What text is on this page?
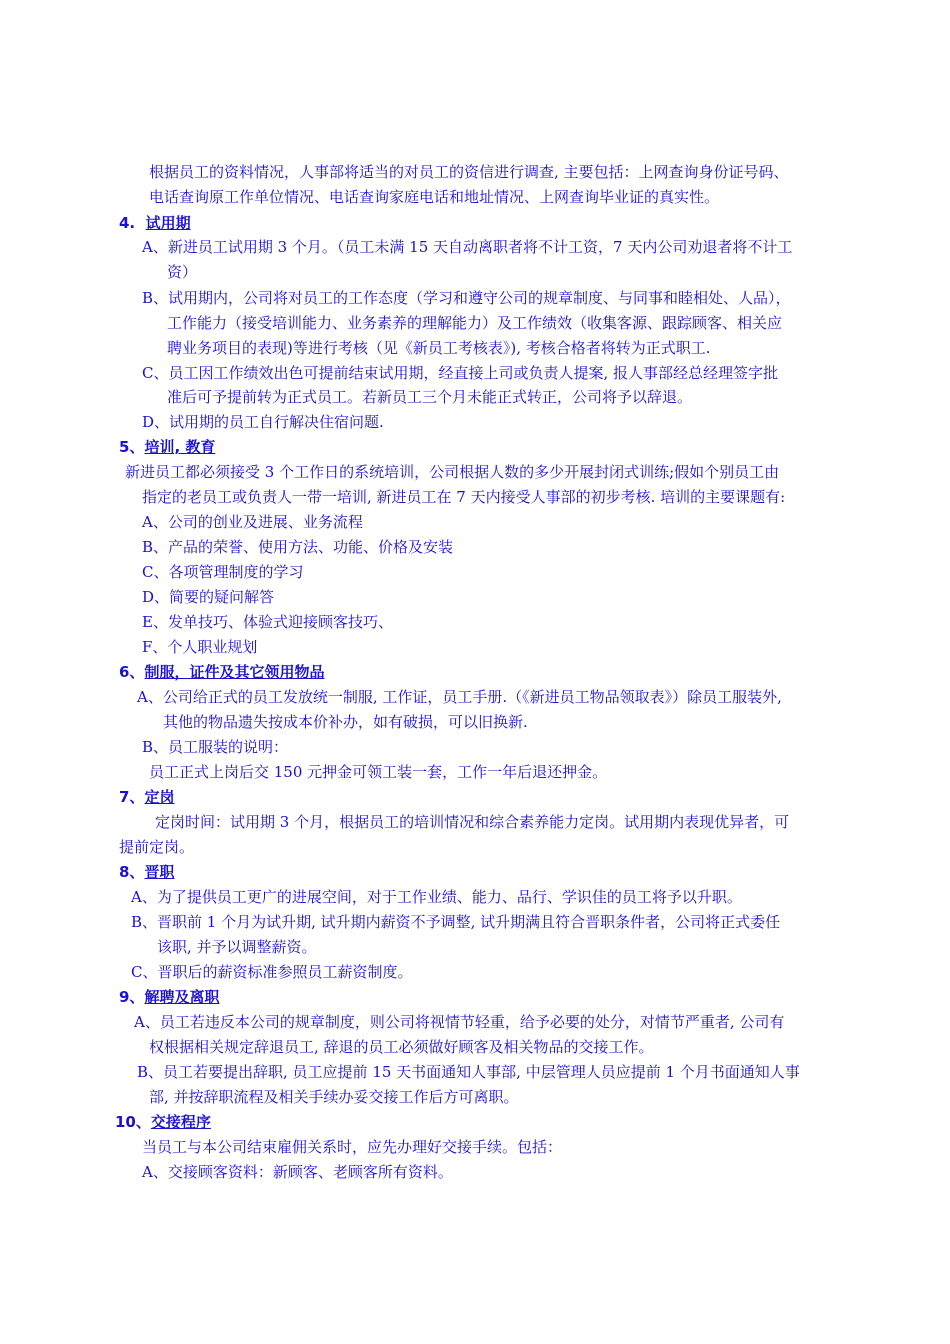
根据员工的资料情况，人事部将适当的对员工的资信进行调查, 主要包括：上网查询身份证号码、
电话查询原工作单位情况、电话查询家庭电话和地址情况、上网查询毕业证的真实性。
4. 试用期
A、新进员工试用期 3 个月。（员工未满 15 天自动离职者将不计工资，7 天内公司劝退者将不计工
资）
B、试用期内，公司将对员工的工作态度（学习和遵守公司的规章制度、与同事和睦相处、人品），
工作能力（接受培训能力、业务素养的理解能力）及工作绩效（收集客源、跟踪顾客、相关应
聘业务项目的表现)等进行考核（见《新员工考核表》), 考核合格者将转为正式职工.
C、员工因工作绩效出色可提前结束试用期，经直接上司或负责人提案, 报人事部经总经理签字批
准后可予提前转为正式员工。若新员工三个月未能正式转正，公司将予以辞退。
D、试用期的员工自行解决住宿问题.
5、培训, 教育
新进员工都必须接受 3 个工作日的系统培训，公司根据人数的多少开展封闭式训练;假如个别员工由
指定的老员工或负责人一带一培训, 新进员工在 7 天内接受人事部的初步考核. 培训的主要课题有:
A、公司的创业及进展、业务流程
B、产品的荣誉、使用方法、功能、价格及安装
C、各项管理制度的学习
D、简要的疑问解答
E、发单技巧、体验式迎接顾客技巧、
F、个人职业规划
6、制服，证件及其它领用物品
A、公司给正式的员工发放统一制服, 工作证，员工手册.（《新进员工物品领取表》）除员工服装外,
其他的物品遗失按成本价补办，如有破损，可以旧换新.
B、员工服装的说明：
员工正式上岗后交 150 元押金可领工装一套，工作一年后退还押金。
7、定岗
定岗时间：试用期 3 个月，根据员工的培训情况和综合素养能力定岗。试用期内表现优异者，可
提前定岗。
8、晋职
A、为了提供员工更广的进展空间，对于工作业绩、能力、品行、学识佳的员工将予以升职。
B、晋职前 1 个月为试升期, 试升期内薪资不予调整, 试升期满且符合晋职条件者，公司将正式委任
该职, 并予以调整薪资。
C、晋职后的薪资标准参照员工薪资制度。
9、解聘及离职
A、员工若违反本公司的规章制度，则公司将视情节轻重，给予必要的处分，对情节严重者, 公司有
权根据相关规定辞退员工, 辞退的员工必须做好顾客及相关物品的交接工作。
B、员工若要提出辞职, 员工应提前 15 天书面通知人事部, 中层管理人员应提前 1 个月书面通知人事
部, 并按辞职流程及相关手续办妥交接工作后方可离职。
10、交接程序
当员工与本公司结束雇佣关系时，应先办理好交接手续。包括：
A、交接顾客资料：新顾客、老顾客所有资料。
